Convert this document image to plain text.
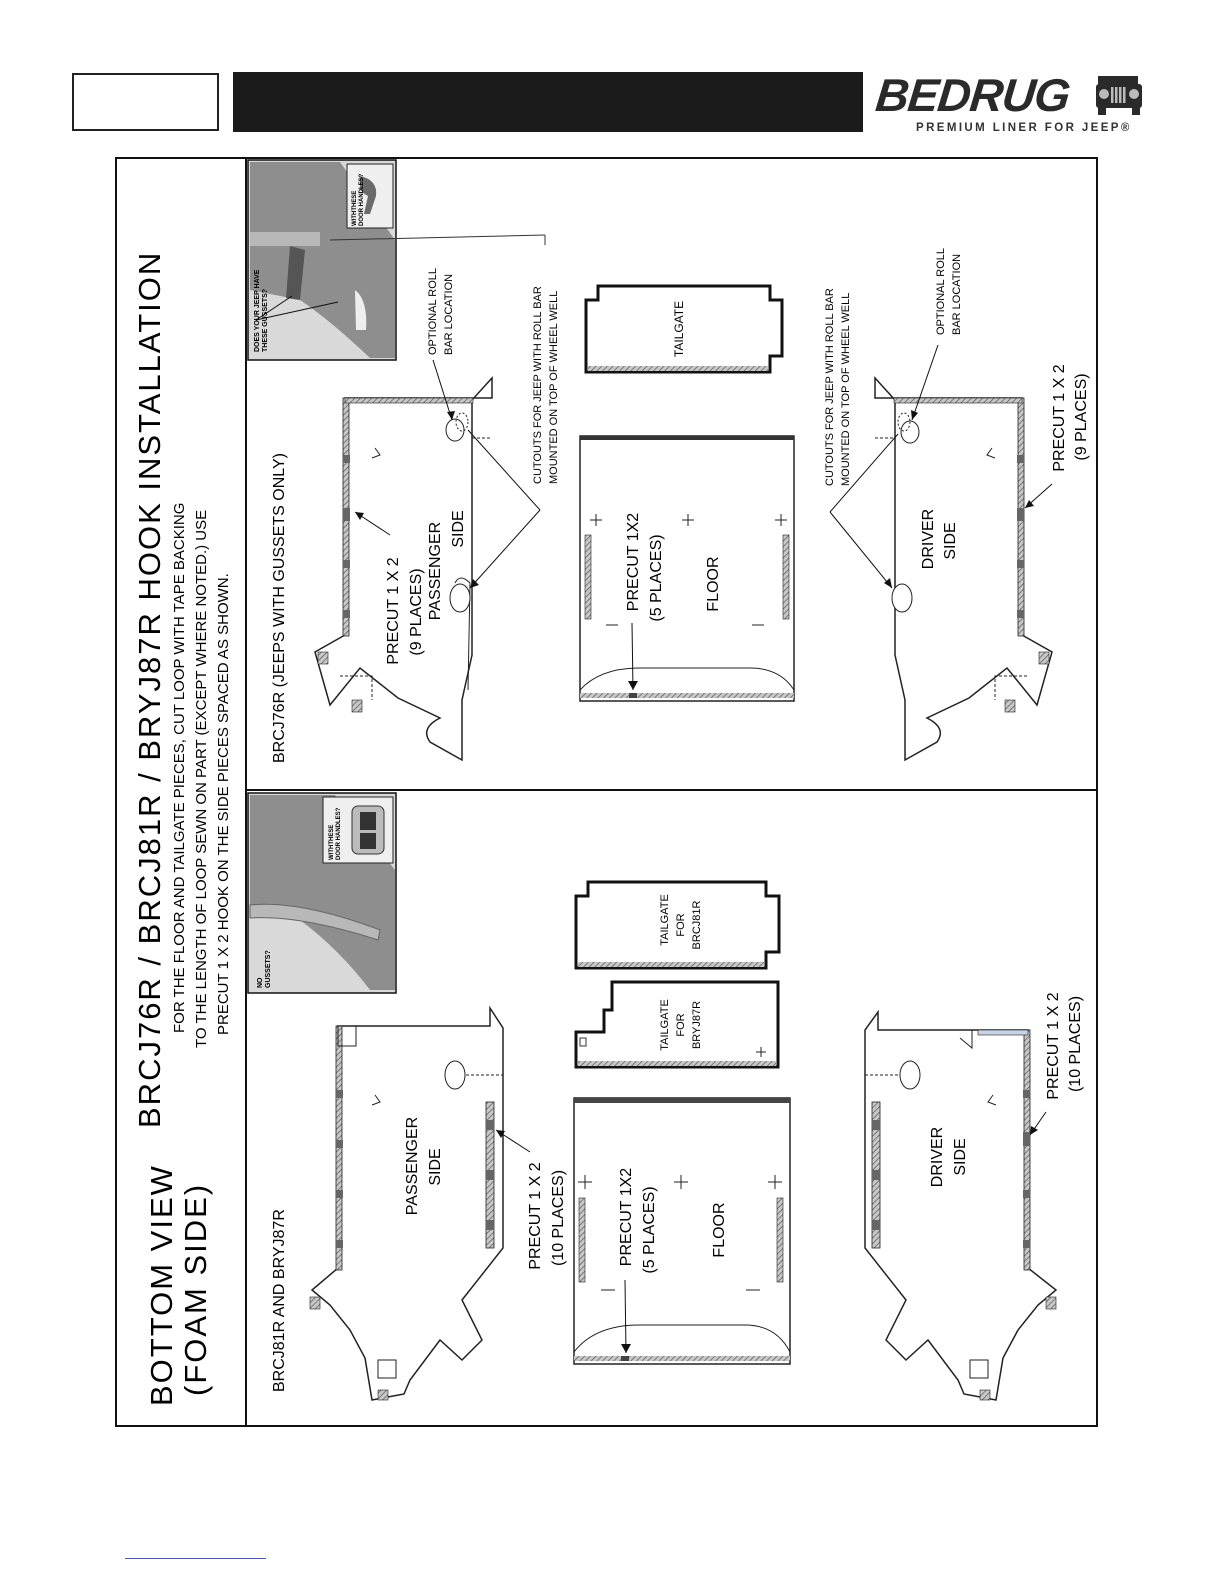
BEDRUG
PREMIUM LINER FOR JEEP®
BOTTOM VIEW (FOAM SIDE)
BRCJ76R / BRCJ81R / BRYJ87R HOOK INSTALLATION FOR THE FLOOR AND TAILGATE PIECES, CUT LOOP WITH TAPE BACKING TO THE LENGTH OF LOOP SEWN ON PART (EXCEPT WHERE NOTED.) USE PRECUT 1 X 2 HOOK ON THE SIDE PIECES SPACED AS SHOWN.
BRCJ81R AND BRYJ87R
BRCJ76R (JEEPS WITH GUSSETS ONLY)
DOES YOUR JEEP HAVE THESE GUSSETS?
WITHTHESE DOOR HANDLES?
PASSENGER SIDE
PRECUT 1 X 2 (9 PLACES)
OPTIONAL ROLL BAR LOCATION	CUTOUTS FOR JEEP WITH ROLL BAR MOUNTED ON TOP OF WHEEL WELL	TAILGATE
PRECUT 1X2 (5 PLACES)	FLOOR
DRIVER SIDE
PRECUT 1 X 2 (9 PLACES)
CUTOUTS FOR JEEP WITH ROLL BAR MOUNTED ON TOP OF WHEEL WELL
OPTIONAL ROLL BAR LOCATION
NO GUSSETS?
WITHTHESE DOOR HANDLES?
PASSENGER SIDE	PRECUT 1 X 2 (10 PLACES)
TAILGATE FOR BRCJ81R
TAILGATE FOR BRYJ87R
PRECUT 1X2 (5 PLACES)	FLOOR
DRIVER SIDE
PRECUT 1 X 2 (10 PLACES)
